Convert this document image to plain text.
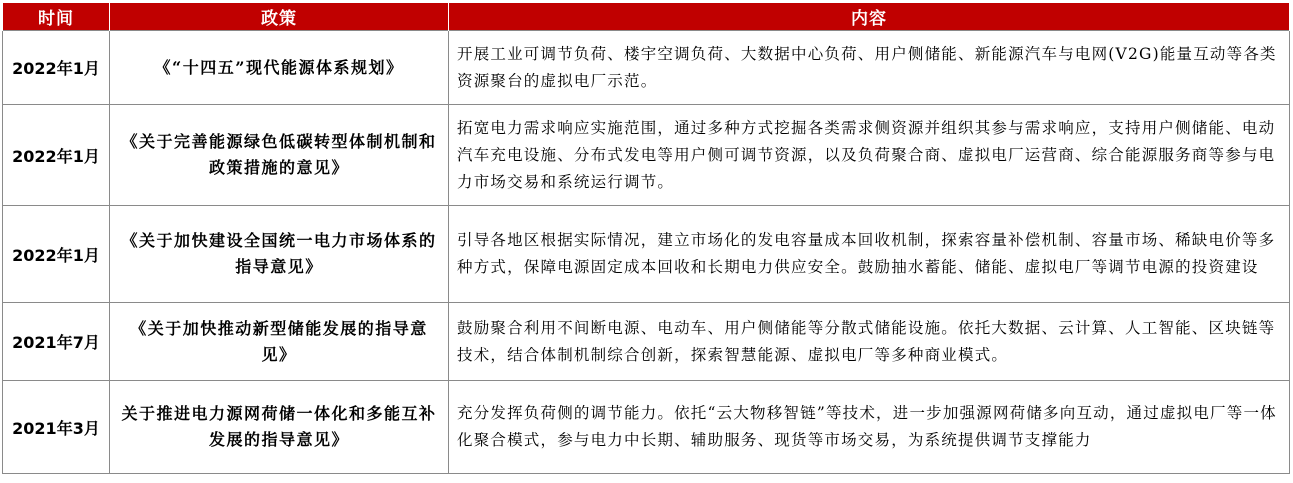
时间	政策	内容
2022年1月	《“十四五”现代能源体系规划》	开展工业可调节负荷、楼宇空调负荷、大数据中心负荷、用户侧储能、新能源汽车与电网(V2G)能量互动等各类资源聚台的虚拟电厂示范。
2022年1月	《关于完善能源绿色低碳转型体制机制和政策措施的意见》	拓宽电力需求响应实施范围，通过多种方式挖掘各类需求侧资源并组织其参与需求响应，支持用户侧储能、电动汽车充电设施、分布式发电等用户侧可调节资源，以及负荷聚合商、虚拟电厂运营商、综合能源服务商等参与电力市场交易和系统运行调节。
2022年1月	《关于加快建设全国统一电力市场体系的指导意见》	引导各地区根据实际情况，建立市场化的发电容量成本回收机制，探索容量补偿机制、容量市场、稀缺电价等多种方式，保障电源固定成本回收和长期电力供应安全。鼓励抽水蓄能、储能、虚拟电厂等调节电源的投资建设
2021年7月	《关于加快推动新型储能发展的指导意见》	鼓励聚合利用不间断电源、电动车、用户侧储能等分散式储能设施。依托大数据、云计算、人工智能、区块链等技术，结合体制机制综合创新，探索智慧能源、虚拟电厂等多种商业模式。
2021年3月	关于推进电力源网荷储一体化和多能互补发展的指导意见》	充分发挥负荷侧的调节能力。依托“云大物移智链”等技术，进一步加强源网荷储多向互动，通过虚拟电厂等一体化聚合模式，参与电力中长期、辅助服务、现货等市场交易，为系统提供调节支撑能力
